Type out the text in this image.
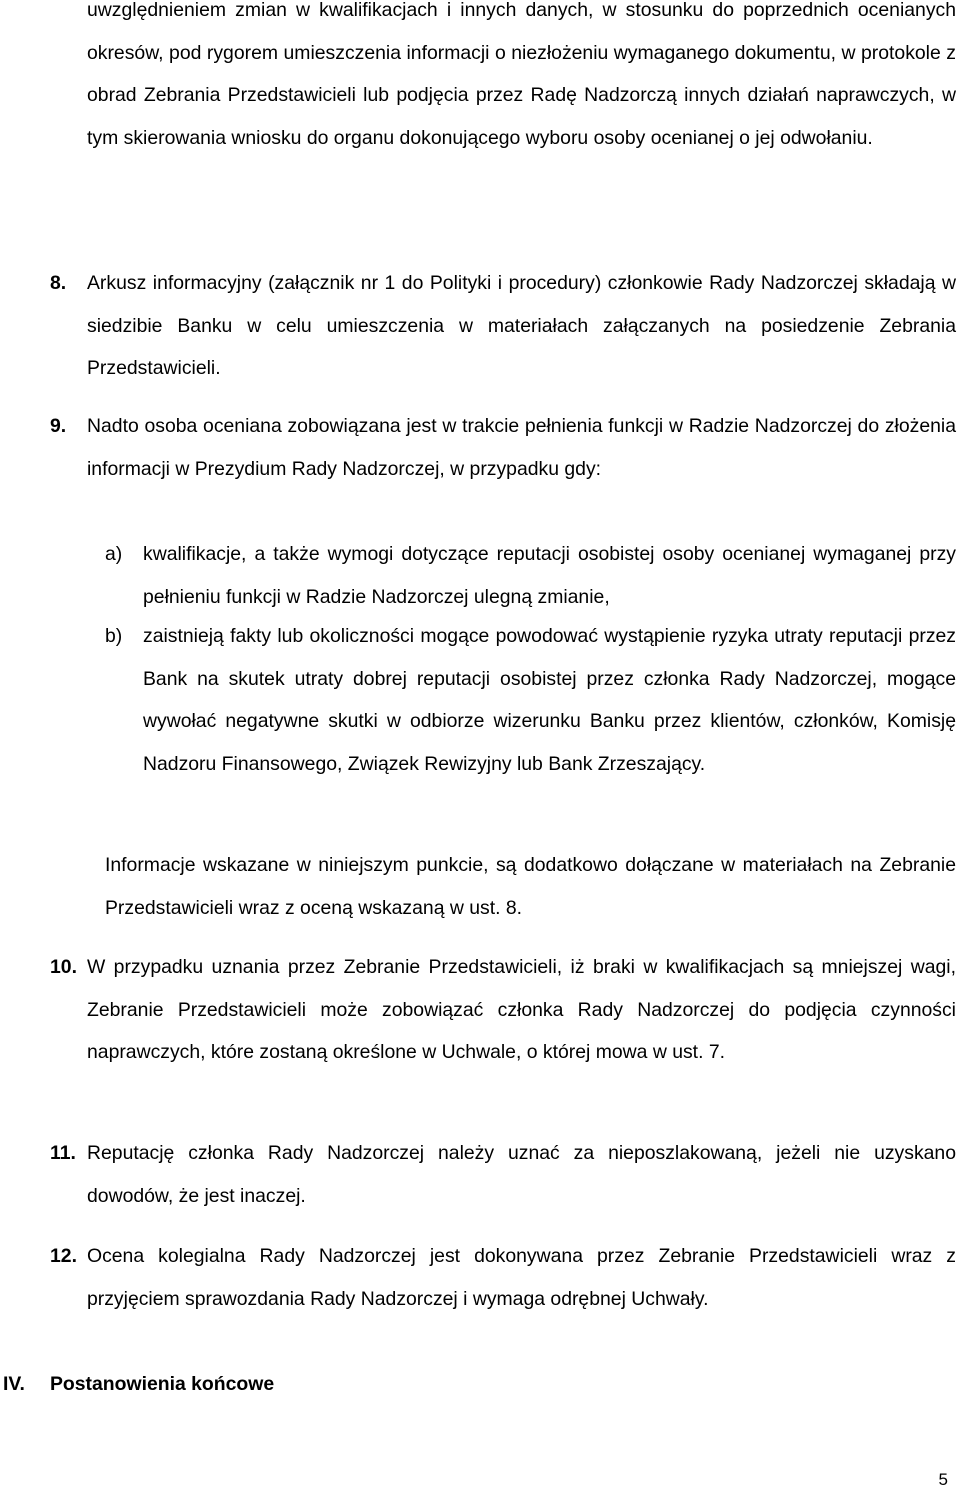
uwzględnieniem zmian w kwalifikacjach i innych danych, w stosunku do poprzednich ocenianych okresów, pod rygorem umieszczenia informacji o niezłożeniu wymaganego dokumentu, w protokole z obrad Zebrania Przedstawicieli lub podjęcia przez Radę Nadzorczą innych działań naprawczych, w tym skierowania wniosku do organu dokonującego wyboru osoby ocenianej o jej odwołaniu.

8. Arkusz informacyjny (załącznik nr 1 do Polityki i procedury) członkowie Rady Nadzorczej składają w siedzibie Banku w celu umieszczenia w materiałach załączanych na posiedzenie Zebrania Przedstawicieli.

9. Nadto osoba oceniana zobowiązana jest w trakcie pełnienia funkcji w Radzie Nadzorczej do złożenia informacji w Prezydium Rady Nadzorczej, w przypadku gdy:

a) kwalifikacje, a także wymogi dotyczące reputacji osobistej osoby ocenianej wymaganej przy pełnieniu funkcji w Radzie Nadzorczej ulegną zmianie,

b) zaistnieją fakty lub okoliczności mogące powodować wystąpienie ryzyka utraty reputacji przez Bank na skutek utraty dobrej reputacji osobistej przez członka Rady Nadzorczej, mogące wywołać negatywne skutki w odbiorze wizerunku Banku przez klientów, członków, Komisję Nadzoru Finansowego, Związek Rewizyjny lub Bank Zrzeszający.

Informacje wskazane w niniejszym punkcie, są dodatkowo dołączane w materiałach na Zebranie Przedstawicieli wraz z oceną wskazaną w ust. 8.

10. W przypadku uznania przez Zebranie Przedstawicieli, iż braki w kwalifikacjach są mniejszej wagi, Zebranie Przedstawicieli może zobowiązać członka Rady Nadzorczej do podjęcia czynności naprawczych, które zostaną określone w Uchwale, o której mowa w ust. 7.

11. Reputację członka Rady Nadzorczej należy uznać za nieposzlakowaną, jeżeli nie uzyskano dowodów, że jest inaczej.

12. Ocena kolegialna Rady Nadzorczej jest dokonywana przez Zebranie Przedstawicieli wraz z przyjęciem sprawozdania Rady Nadzorczej i wymaga odrębnej Uchwały.

IV. Postanowienia końcowe
5
